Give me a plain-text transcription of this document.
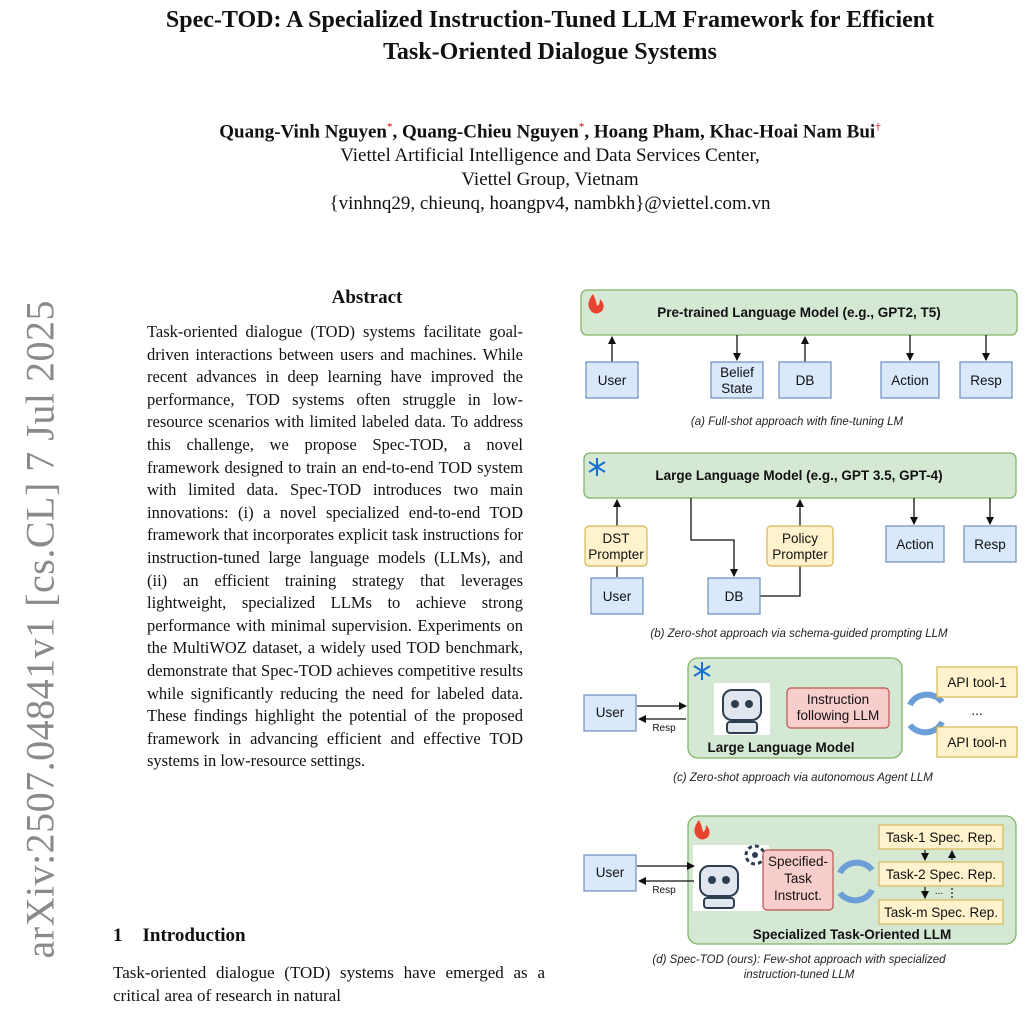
Spec-TOD: A Specialized Instruction-Tuned LLM Framework for Efficient
Task-Oriented Dialogue Systems
Quang-Vinh Nguyen*, Quang-Chieu Nguyen*, Hoang Pham, Khac-Hoai Nam Bui†
Viettel Artificial Intelligence and Data Services Center,
Viettel Group, Vietnam
{vinhnq29, chieunq, hoangpv4, nambkh}@viettel.com.vn
arXiv:2507.04841v1 [cs.CL] 7 Jul 2025
Abstract

Task-oriented dialogue (TOD) systems facilitate goal-driven interactions between users and machines. While recent advances in deep learning have improved the performance, TOD systems often struggle in low-resource scenarios with limited labeled data. To address this challenge, we propose Spec-TOD, a novel framework designed to train an end-to-end TOD system with limited data. Spec-TOD introduces two main innovations: (i) a novel specialized end-to-end TOD framework that incorporates explicit task instructions for instruction-tuned large language models (LLMs), and (ii) an efficient training strategy that leverages lightweight, specialized LLMs to achieve strong performance with minimal supervision. Experiments on the MultiWOZ dataset, a widely used TOD benchmark, demonstrate that Spec-TOD achieves competitive results while significantly reducing the need for labeled data. These findings highlight the potential of the proposed framework in advancing efficient and effective TOD systems in low-resource settings.

1 Introduction

Task-oriented dialogue (TOD) systems have emerged as a critical area of research in natural

Pre-trained Language Model (e.g., GPT2, T5)
User
Belief
State
DB	Action	Resp
(a) Full-shot approach with fine-tuning LM
Large Language Model (e.g., GPT 3.5, GPT-4)
DST
Prompter
Policy
Prompter
Action	Resp
User	DB
(b) Zero-shot approach via schema-guided prompting LLM
Instruction
following LLM
Large Language Model
User
Resp
API tool-1
...
API tool-n
(c) Zero-shot approach via autonomous Agent LLM
Specified-
Task
Instruct.
Task-1 Spec. Rep.
Task-2 Spec. Rep.
Task-m Spec. Rep.
...
Specialized Task-Oriented LLM
User
Resp
(d) Spec-TOD (ours): Few-shot approach with specialized
instruction-tuned LLM
